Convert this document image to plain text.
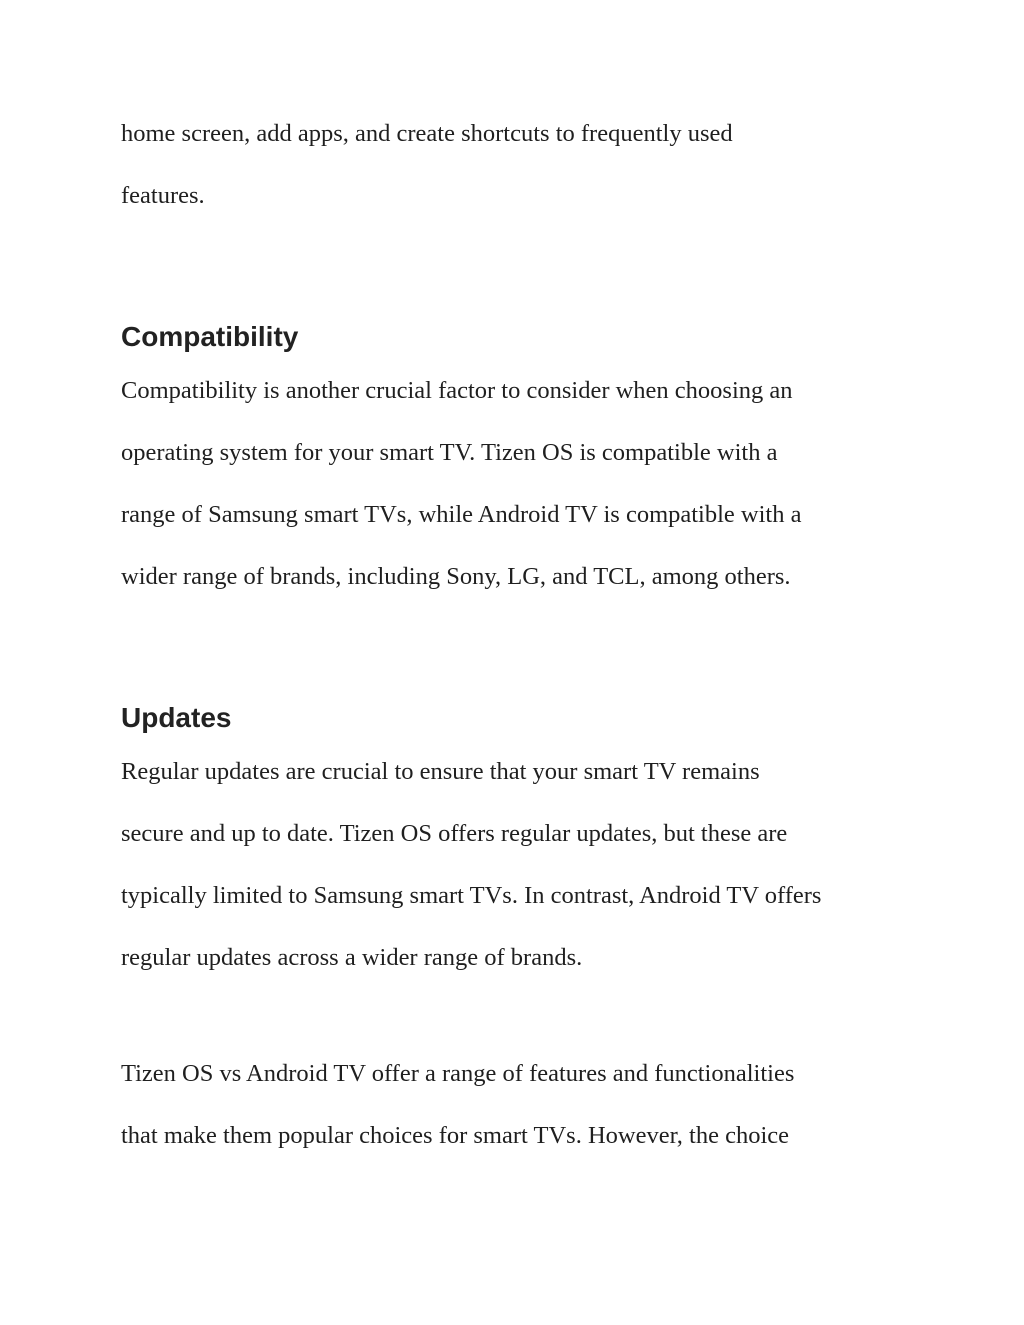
home screen, add apps, and create shortcuts to frequently used
features.
Compatibility
Compatibility is another crucial factor to consider when choosing an
operating system for your smart TV. Tizen OS is compatible with a
range of Samsung smart TVs, while Android TV is compatible with a
wider range of brands, including Sony, LG, and TCL, among others.
Updates
Regular updates are crucial to ensure that your smart TV remains
secure and up to date. Tizen OS offers regular updates, but these are
typically limited to Samsung smart TVs. In contrast, Android TV offers
regular updates across a wider range of brands.
Tizen OS vs Android TV offer a range of features and functionalities
that make them popular choices for smart TVs. However, the choice
